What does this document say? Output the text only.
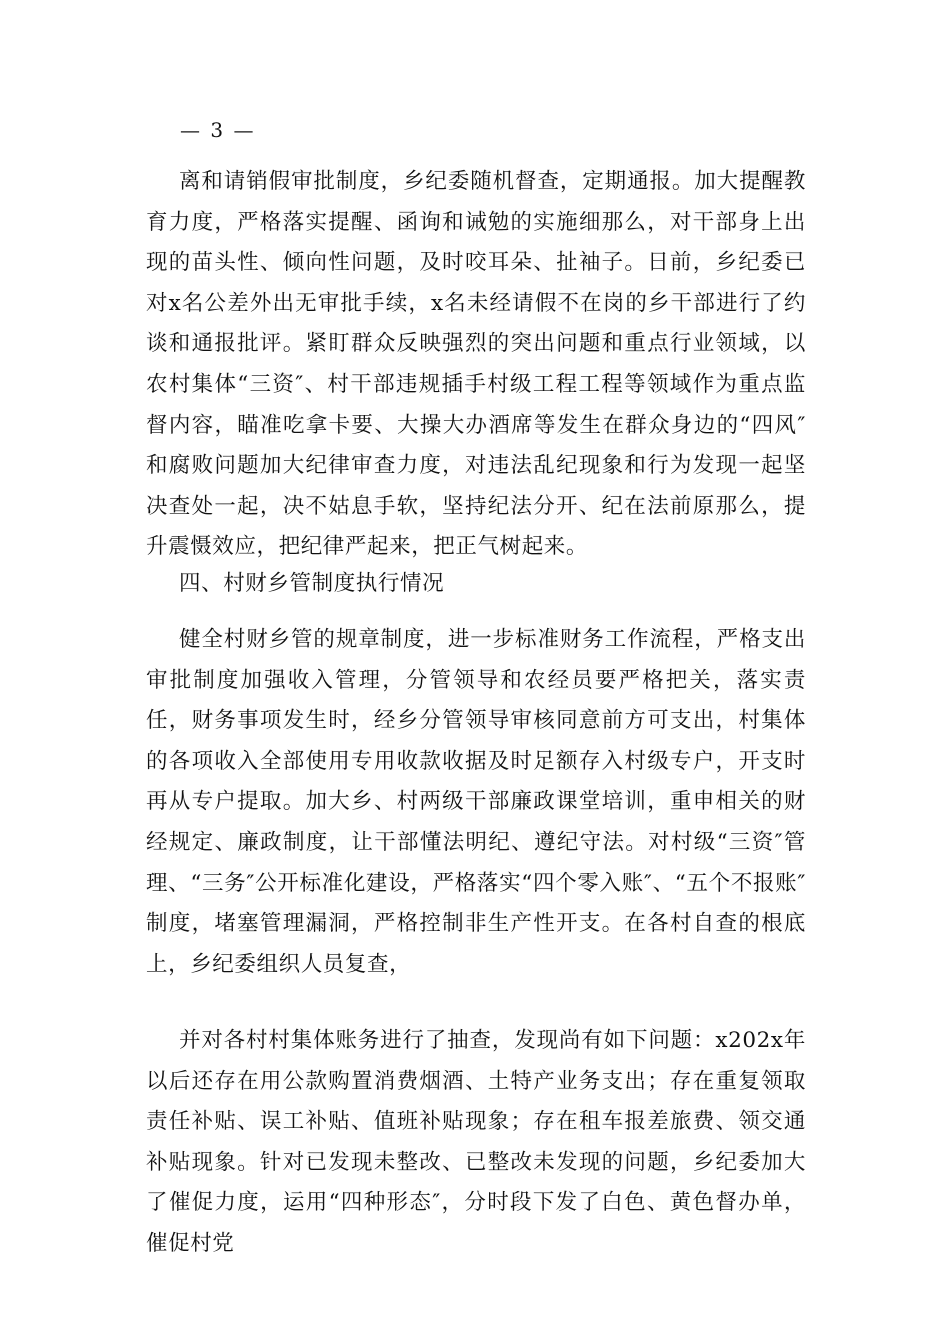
— 3 —

离和请销假审批制度，乡纪委随机督查，定期通报。加大提醒教育力度，严格落实提醒、函询和诫勉的实施细那么，对干部身上出现的苗头性、倾向性问题，及时咬耳朵、扯袖子。日前，乡纪委已对x名公差外出无审批手续，x名未经请假不在岗的乡干部进行了约谈和通报批评。紧盯群众反映强烈的突出问题和重点行业领域，以农村集体“三资″、村干部违规插手村级工程工程等领域作为重点监督内容，瞄准吃拿卡要、大操大办酒席等发生在群众身边的“四风″和腐败问题加大纪律审查力度，对违法乱纪现象和行为发现一起坚决查处一起，决不姑息手软，坚持纪法分开、纪在法前原那么，提升震慑效应，把纪律严起来，把正气树起来。

四、村财乡管制度执行情况

健全村财乡管的规章制度，进一步标准财务工作流程，严格支出审批制度加强收入管理，分管领导和农经员要严格把关，落实责任，财务事项发生时，经乡分管领导审核同意前方可支出，村集体的各项收入全部使用专用收款收据及时足额存入村级专户，开支时再从专户提取。加大乡、村两级干部廉政课堂培训，重申相关的财经规定、廉政制度，让干部懂法明纪、遵纪守法。对村级“三资″管理、“三务″公开标准化建设，严格落实“四个零入账″、“五个不报账″制度，堵塞管理漏洞，严格控制非生产性开支。在各村自查的根底上，乡纪委组织人员复查，

并对各村村集体账务进行了抽查，发现尚有如下问题：x202x年以后还存在用公款购置消费烟酒、土特产业务支出；存在重复领取责任补贴、误工补贴、值班补贴现象；存在租车报差旅费、领交通补贴现象。针对已发现未整改、已整改未发现的问题，乡纪委加大了催促力度，运用“四种形态″，分时段下发了白色、黄色督办单，催促村党
